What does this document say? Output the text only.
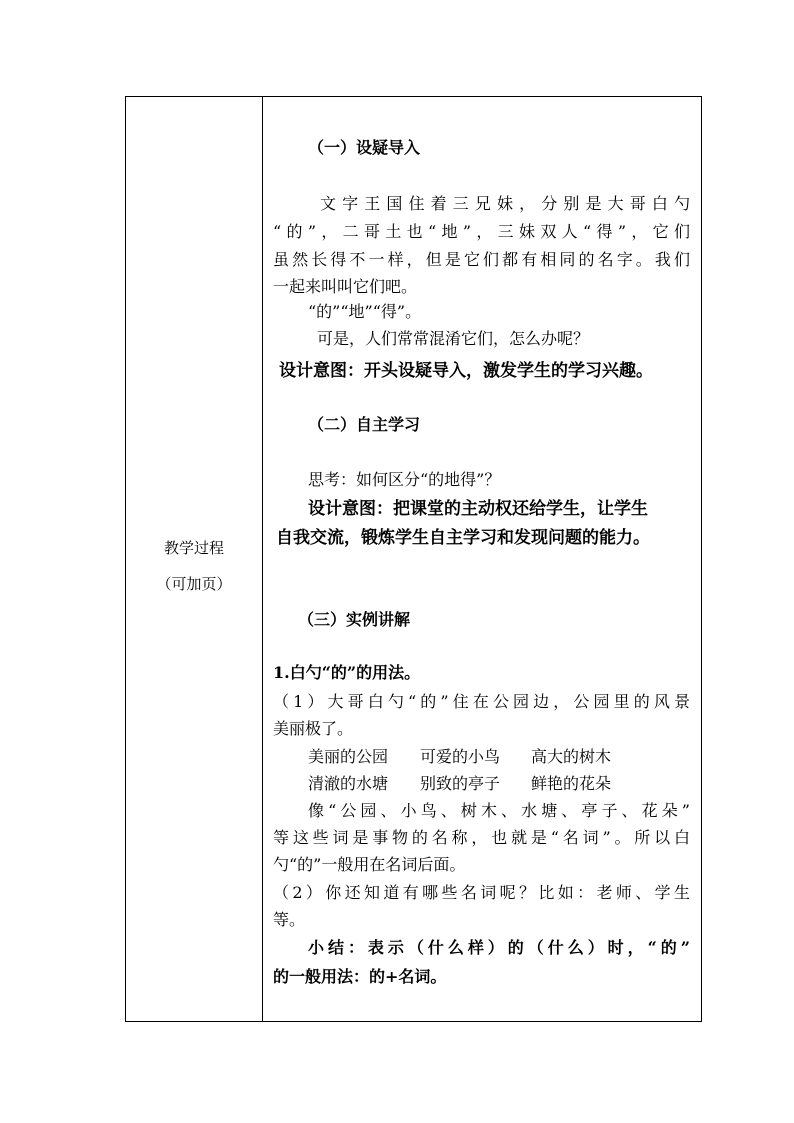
教学过程
（可加页）
（一）设疑导入
文字王国住着三兄妹，分别是大哥白勺
“的”，二哥土也“地”，三妹双人“得”，它们
虽然长得不一样，但是它们都有相同的名字。我们
一起来叫叫它们吧。
“的”“地”“得”。
可是，人们常常混淆它们，怎么办呢？
设计意图：开头设疑导入，激发学生的学习兴趣。
（二）自主学习
思考：如何区分“的地得”？
设计意图：把课堂的主动权还给学生，让学生
自我交流，锻炼学生自主学习和发现问题的能力。
（三）实例讲解
1.白勺“的”的用法。
（1）大哥白勺“的”住在公园边，公园里的风景
美丽极了。
美丽的公园 可爱的小鸟 高大的树木
清澈的水塘 别致的亭子 鲜艳的花朵
像“公园、小鸟、树木、水塘、亭子、花朵”
等这些词是事物的名称，也就是“名词”。所以白
勺“的”一般用在名词后面。
（2）你还知道有哪些名词呢？比如：老师、学生
等。
小结：表示（什么样）的（什么）时，“的”
的一般用法：的+名词。
